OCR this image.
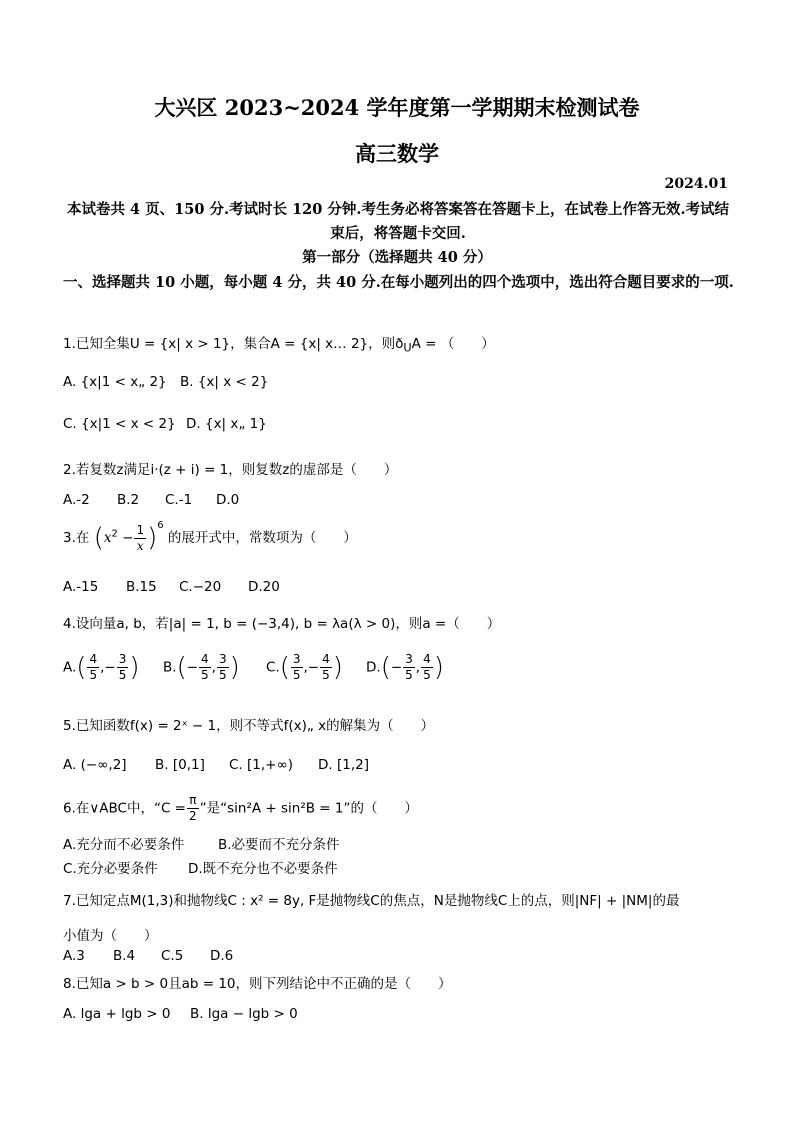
大兴区 2023~2024 学年度第一学期期末检测试卷
高三数学
2024.01
本试卷共 4 页、150 分.考试时长 120 分钟.考生务必将答案答在答题卡上，在试卷上作答无效.考试结束后，将答题卡交回.
第一部分（选择题共 40 分）
一、选择题共 10 小题，每小题 4 分，共 40 分.在每小题列出的四个选项中，选出符合题目要求的一项.
1.已知全集U = {x| x > 1}，集合A = {x| x… 2}，则$ð_UA$ = （　　）
A. {x|1 < x„ 2} B. {x| x < 2}
C. {x|1 < x < 2} D. {x| x„ 1}
2.若复数z满足i·(z + i) = 1，则复数z的虚部是（　　）
A.-2 B.2 C.-1 D.0
3.在 $(x^2 - \frac{1}{x} )^6$ 的展开式中，常数项为（　　）
A.-15 B.15 C.−20 D.20
4.设向量a, b，若|a| = 1, b = (−3,4), b = λa(λ > 0)，则a =（　　）
$A.( \frac{4}{5}$ ,− $\frac{3}{5}$ ) $B.(- \frac{4}{5}$ , $\frac{3}{5}$ ) $C.( \frac{3}{5}$ ,− $\frac{4}{5}$ ) $D.(- \frac{3}{5}$ , $\frac{4}{5}$ )
5.已知函数f(x) = 2ˣ − 1，则不等式f(x)„ x的解集为（　　）
A. (−∞,2] B. [0,1] C. [1,+∞) D. [1,2]
6.在∨ABC中，“$C = \frac{\pi}{2}$ ”是“sin²A + sin²B = 1”的（　　）
A.充分而不必要条件 B.必要而不充分条件
C.充分必要条件 D.既不充分也不必要条件
7.已知定点M(1,3)和抛物线C : x² = 8y, F是抛物线C的焦点，N是抛物线C上的点，则|NF| + |NM|的最
小值为（　　）
A.3 B.4 C.5 D.6
8.已知a > b > 0且ab = 10，则下列结论中不正确的是（　　）
A. lga + lgb > 0 B. lga − lgb > 0
